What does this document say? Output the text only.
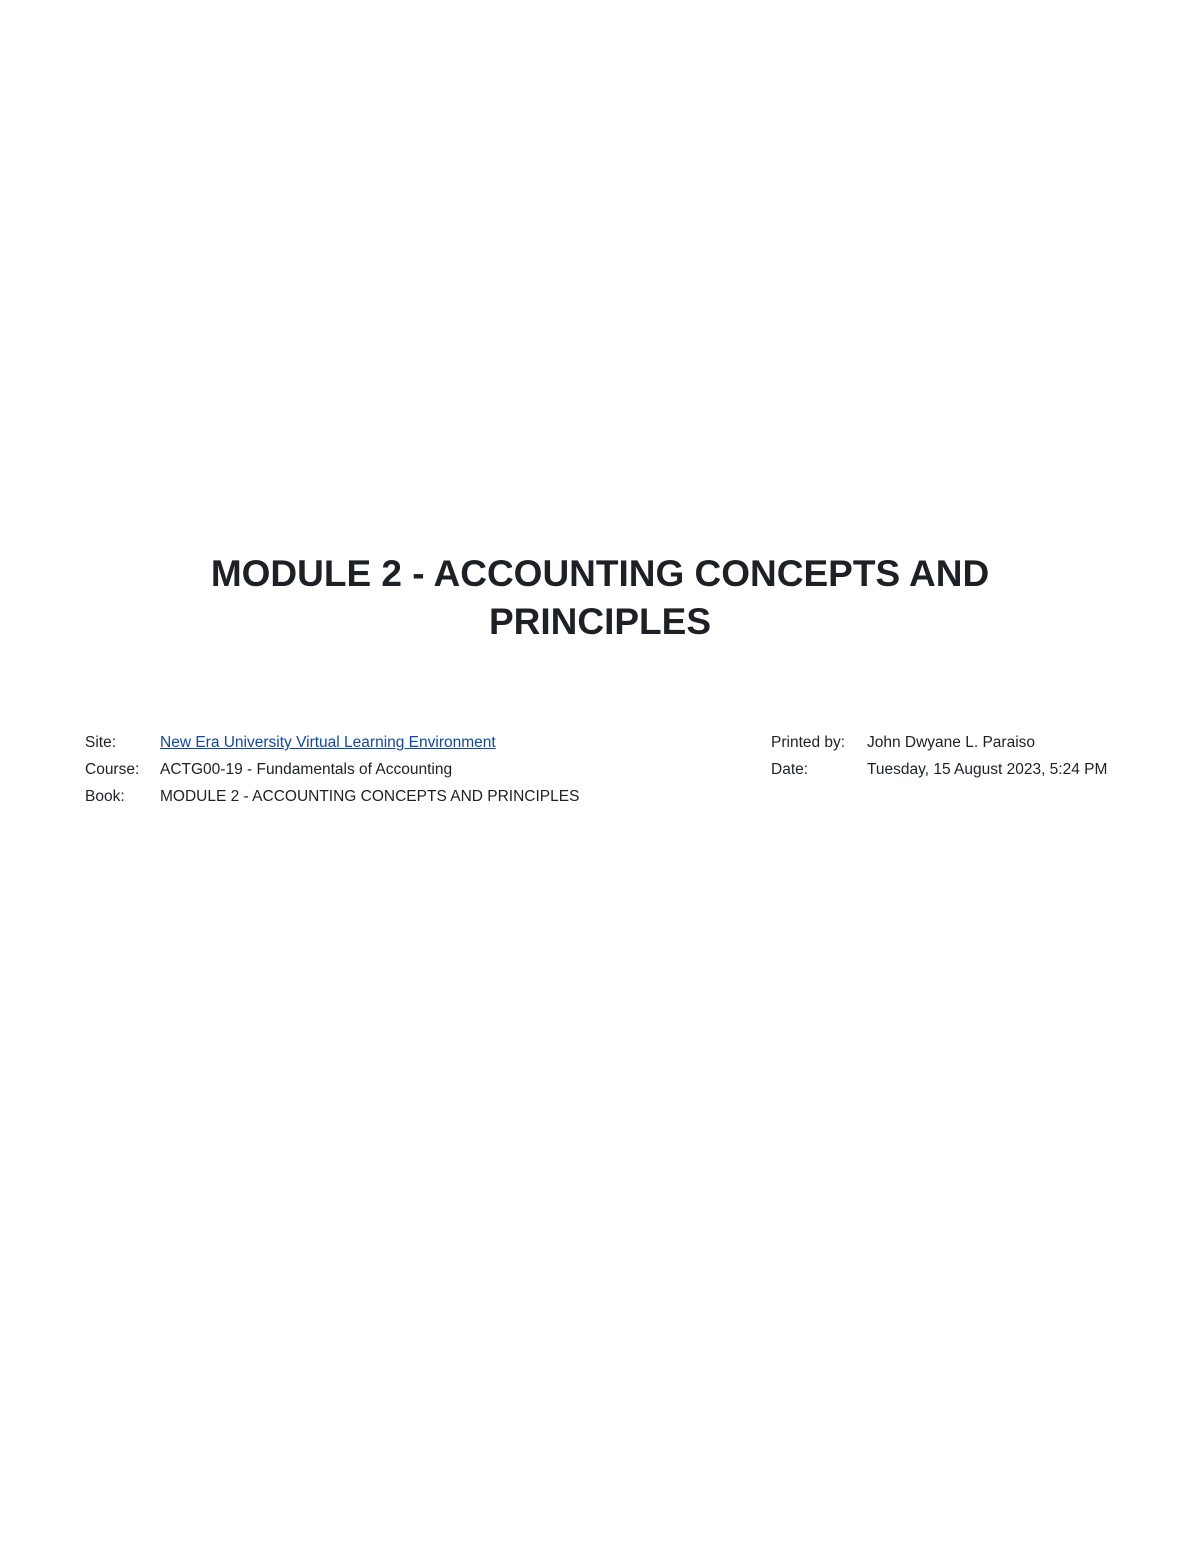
MODULE 2 - ACCOUNTING CONCEPTS AND PRINCIPLES
Site:	New Era University Virtual Learning Environment
Course:	ACTG00-19 - Fundamentals of Accounting
Book:	MODULE 2 - ACCOUNTING CONCEPTS AND PRINCIPLES
Printed by:	John Dwyane L. Paraiso
Date:	Tuesday, 15 August 2023, 5:24 PM
